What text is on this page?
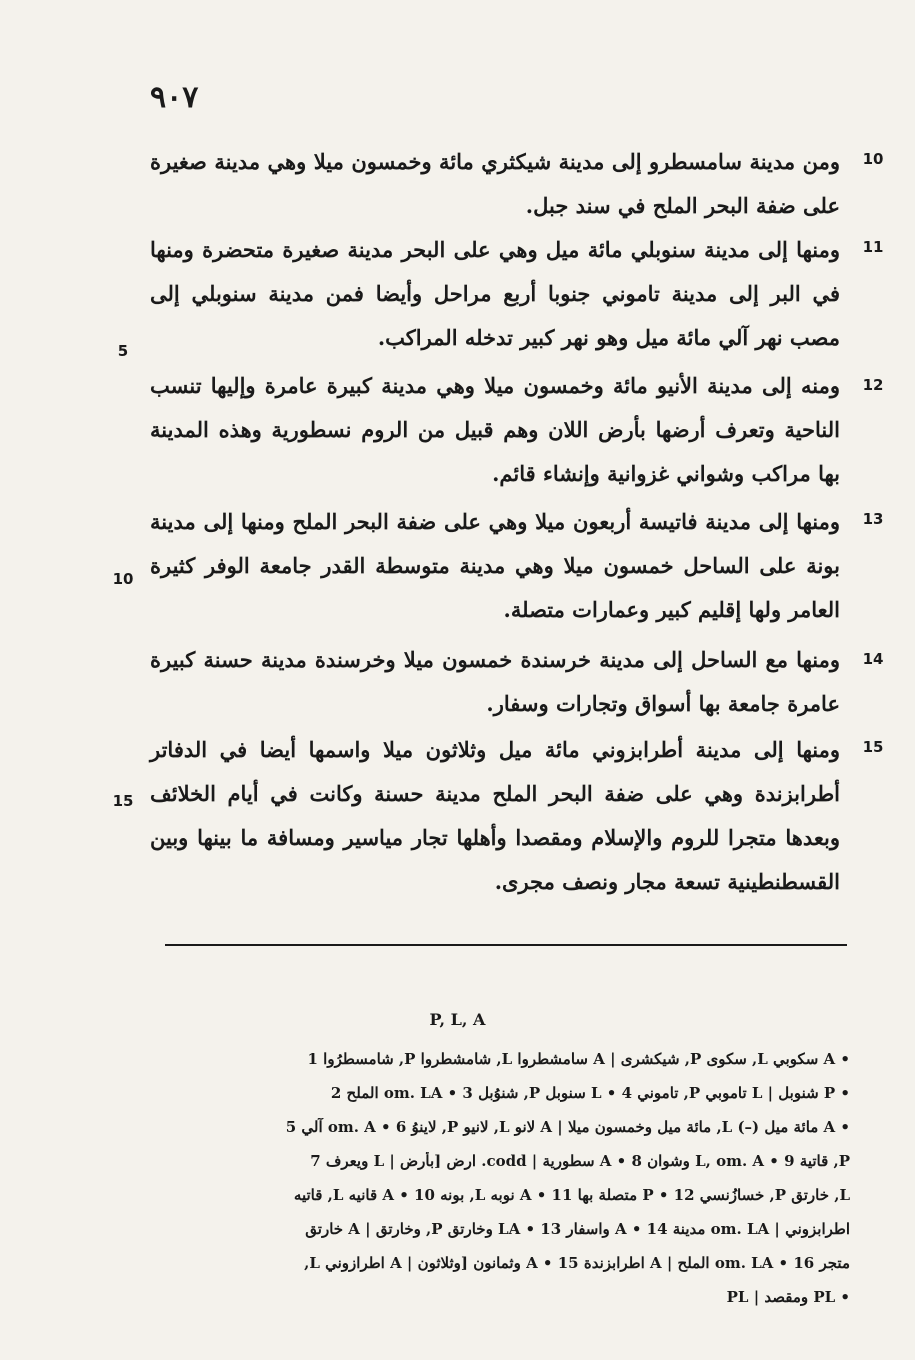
٩٠٧
10
ومن مدينة سامسطرو إلى مدينة شيكثري مائة وخمسون ميلا وهي مدينة صغيرة على ضفة البحر الملح في سند جبل.
11
ومنها إلى مدينة سنوبلي مائة ميل وهي على البحر مدينة صغيرة متحضرة ومنها في البر إلى مدينة تاموني جنوبا أربع مراحل وأيضا فمن مدينة سنوبلي إلى مصب نهر آلي مائة ميل وهو نهر كبير تدخله المراكب.
12
ومنه إلى مدينة الأنيو مائة وخمسون ميلا وهي مدينة كبيرة عامرة وإليها تنسب الناحية وتعرف أرضها بأرض اللان وهم قبيل من الروم نسطورية وهذه المدينة بها مراكب وشواني غزوانية وإنشاء قائم.
13
ومنها إلى مدينة فاتيسة أربعون ميلا وهي على ضفة البحر الملح ومنها إلى مدينة بونة على الساحل خمسون ميلا وهي مدينة متوسطة القدر جامعة الوفر كثيرة العامر ولها إقليم كبير وعمارات متصلة.
14
ومنها مع الساحل إلى مدينة خرسندة خمسون ميلا وخرسندة مدينة حسنة كبيرة عامرة جامعة بها أسواق وتجارات وسفار.
15
ومنها إلى مدينة أطرابزوني مائة ميل وثلاثون ميلا واسمها أيضا في الدفاتر أطرابزندة وهي على ضفة البحر الملح مدينة حسنة وكانت في أيام الخلائف وبعدها متجرا للروم والإسلام ومقصدا وأهلها تجار مياسير ومسافة ما بينها وبين القسطنطينية تسعة مجار ونصف مجرى.
5
10
15
P, L, A
• A سكوبي L, سكوى P, شيكشرى | A سامشطروا L, شامشطروا P, شامسطرُوا 1
• P شنوبل | L تاموبي P, تاموني 4 • L سنوبل P, شنوُبل 3 • om. LA الملح 2
• A مائة ميل (–) L, مائة ميل وخمسون ميلا | A لانو L, لانيو P, لاينوُ 6 • om. A آلي 5
P, قاتية 9 • L, om. A وشوان 8 • A سطورية | codd. ارض [بأرض | L ويعرف 7
L, خارتق P, خسازُنسي 12 • P متصلة بها 11 • A نوبه L, بونه 10 • A قانيه L, قاتيه
اطرابزوني | om. LA مدينة 14 • A واسفار 13 • LA وخارتق P, وخارتق | A خارتق
متجر 16 • om. LA الملح | A اطرابزندة 15 • A وثمانون [وثلاثون | A اطرازوني L,
• PL ومقصد | PL
